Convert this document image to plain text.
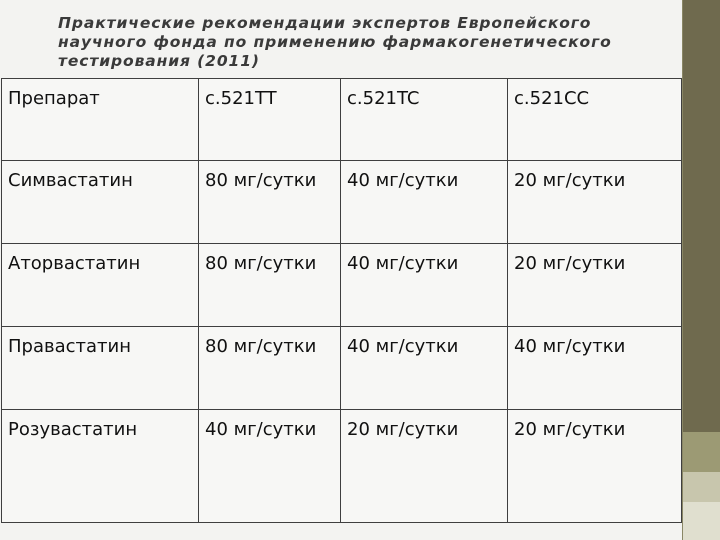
Практические рекомендации экспертов Европейского научного фонда по применению фармакогенетического тестирования (2011)
Препарат	c.521TT	c.521TC	c.521CC

Симвастатин	80 мг/сутки	40 мг/сутки	20 мг/сутки

Аторвастатин	80 мг/сутки	40 мг/сутки	20 мг/сутки

Правастатин	80 мг/сутки	40 мг/сутки	40 мг/сутки

Розувастатин	40 мг/сутки	20 мг/сутки	20 мг/сутки
